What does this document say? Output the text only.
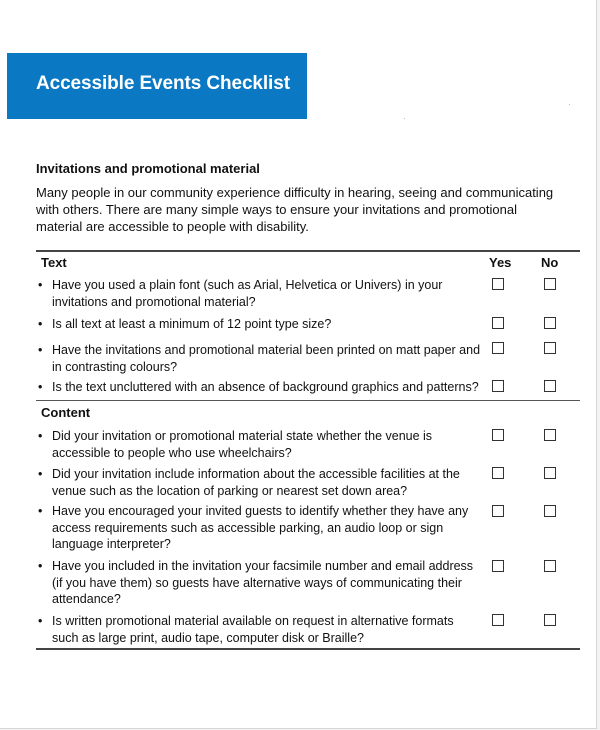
Accessible Events Checklist
Invitations and promotional material
Many people in our community experience difficulty in hearing, seeing and communicating with others. There are many simple ways to ensure your invitations and promotional material are accessible to people with disability.
Text	Yes No
• Have you used a plain font (such as Arial, Helvetica or Univers) in your invitations and promotional material?
• Is all text at least a minimum of 12 point type size?
• Have the invitations and promotional material been printed on matt paper and in contrasting colours?
• Is the text uncluttered with an absence of background graphics and patterns?
Content
• Did your invitation or promotional material state whether the venue is accessible to people who use wheelchairs?
• Did your invitation include information about the accessible facilities at the venue such as the location of parking or nearest set down area?
• Have you encouraged your invited guests to identify whether they have any access requirements such as accessible parking, an audio loop or sign language interpreter?
• Have you included in the invitation your facsimile number and email address (if you have them) so guests have alternative ways of communicating their attendance?
• Is written promotional material available on request in alternative formats such as large print, audio tape, computer disk or Braille?
